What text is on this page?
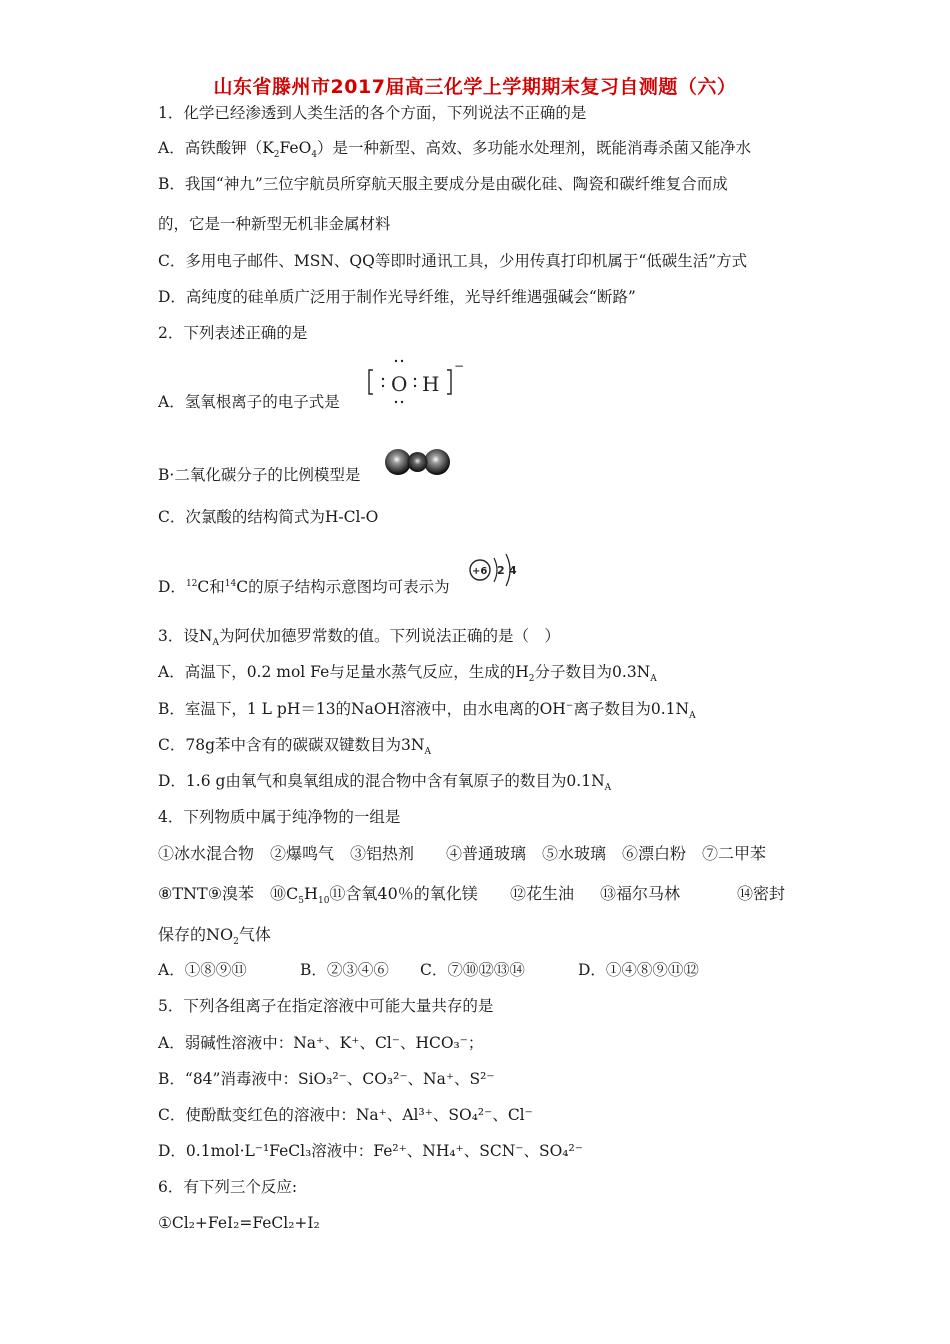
山东省滕州市2017届高三化学上学期期末复习自测题（六）
1．化学已经渗透到人类生活的各个方面，下列说法不正确的是
A．高铁酸钾$(K_2FeO_4)$是一种新型、高效、多功能水处理剂，既能消毒杀菌又能净水
B．我国“神九”三位宇航员所穿航天服主要成分是由碳化硅、陶瓷和碳纤维复合而成
的，它是一种新型无机非金属材料
C．多用电子邮件、MSN、QQ等即时通讯工具，少用传真打印机属于“低碳生活”方式
D．高纯度的硅单质广泛用于制作光导纤维，光导纤维遇强碱会“断路”
2．下列表述正确的是
A．氢氧根离子的电子式是
O H
−
B·二氧化碳分子的比例模型是
C．次氯酸的结构简式为H-Cl-O
D．$^{12}$C和$^{14}$C的原子结构示意图均可表示为
+6 2 4
3．设$N_A$为阿伏加德罗常数的值。下列说法正确的是（　）
A．高温下，0.2 mol Fe与足量水蒸气反应，生成的$H_2$分子数目为$0.3N_A$
B．室温下，1 L pH＝13的NaOH溶液中，由水电离的OH−离子数目为$0.1N_A$
C．78g苯中含有的碳碳双键数目为$3N_A$
D．1.6 g由氧气和臭氧组成的混合物中含有氧原子的数目为$0.1N_A$
4．下列物质中属于纯净物的一组是
①冰水混合物　②爆鸣气　③铝热剂　　④普通玻璃　⑤水玻璃　⑥漂白粉　⑦二甲苯
⑧TNT⑨溴苯　$⑩C_5H_{10}⑪$含氧40％的氧化镁 ⑫花生油 ⑬福尔马林	⑭密封
保存的$NO_2$气体
A．①⑧⑨⑪	B．②③④⑥ C．⑦⑩⑫⑬⑭	D．①④⑧⑨⑪⑫
5．下列各组离子在指定溶液中可能大量共存的是
A．弱碱性溶液中：Na⁺、K⁺、Cl⁻、HCO₃⁻；
B．“84”消毒液中：SiO₃²⁻、CO₃²⁻、Na⁺、S²⁻
C．使酚酞变红色的溶液中：Na⁺、Al³⁺、SO₄²⁻、Cl⁻
D．0.1mol·L⁻¹FeCl₃溶液中：Fe²⁺、NH₄⁺、SCN⁻、SO₄²⁻
6．有下列三个反应:
①Cl₂+FeI₂=FeCl₂+I₂
